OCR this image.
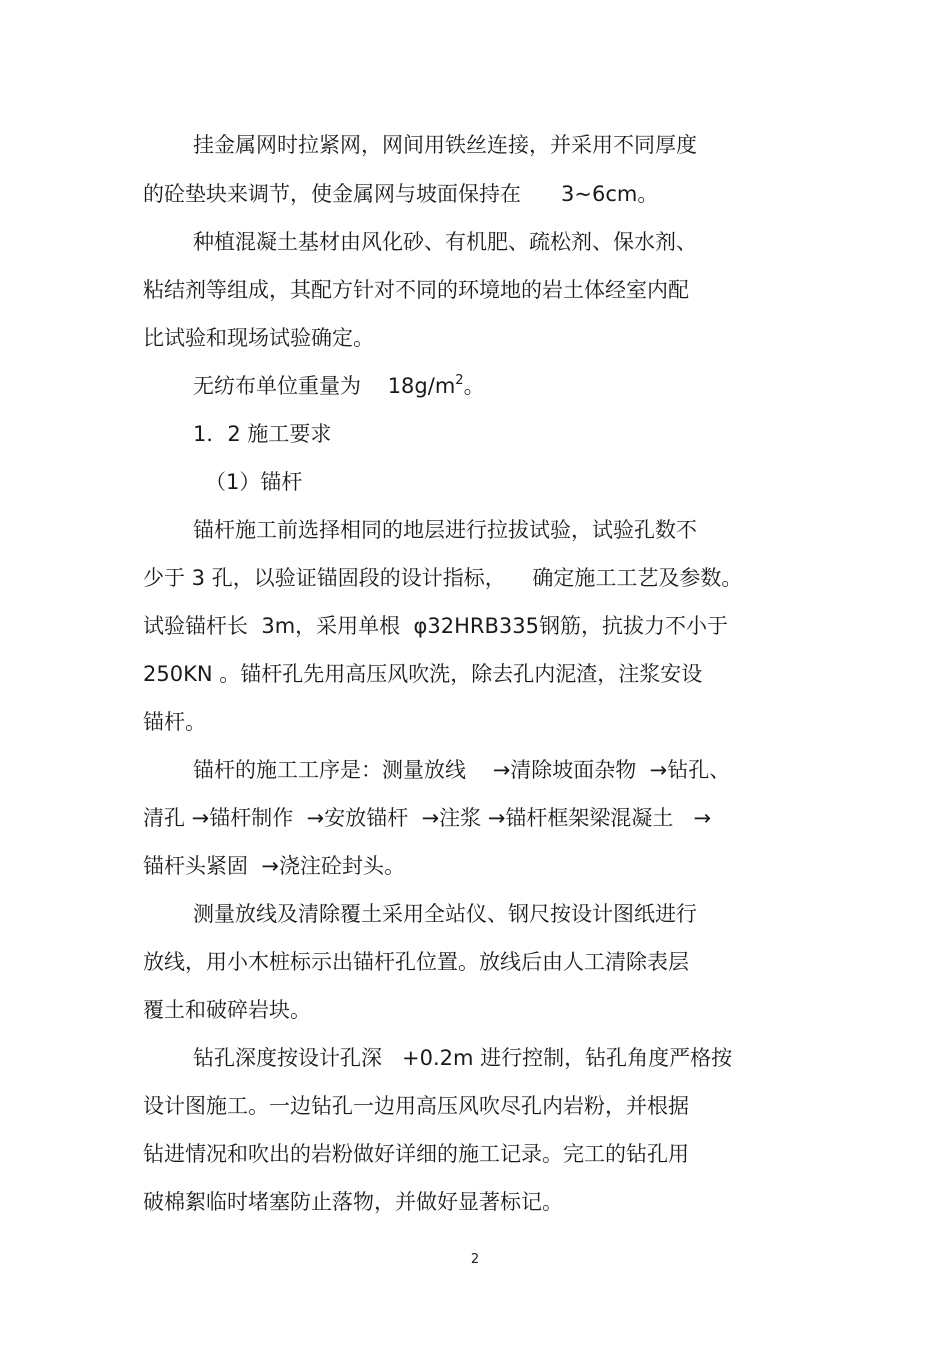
挂金属网时拉紧网，网间用铁丝连接，并采用不同厚度
的砼垫块来调节，使金属网与坡面保持在      3~6cm。
种植混凝土基材由风化砂、有机肥、疏松剂、保水剂、
粘结剂等组成，其配方针对不同的环境地的岩土体经室内配
比试验和现场试验确定。
无纺布单位重量为    $18g/m^2$。
1．2 施工要求
（1）锚杆
锚杆施工前选择相同的地层进行拉拔试验，试验孔数不
少于 3 孔，以验证锚固段的设计指标，    确定施工工艺及参数。
试验锚杆长  3m，采用单根  φ32HRB335钢筋，抗拔力不小于
250KN 。锚杆孔先用高压风吹洗，除去孔内泥渣，注浆安设
锚杆。
锚杆的施工工序是：测量放线    →清除坡面杂物  →钻孔、
清孔 →锚杆制作  →安放锚杆  →注浆 →锚杆框架梁混凝土   →
锚杆头紧固  →浇注砼封头。
测量放线及清除覆土采用全站仪、钢尺按设计图纸进行
放线，用小木桩标示出锚杆孔位置。放线后由人工清除表层
覆土和破碎岩块。
钻孔深度按设计孔深   +0.2m 进行控制，钻孔角度严格按
设计图施工。一边钻孔一边用高压风吹尽孔内岩粉，并根据
钻进情况和吹出的岩粉做好详细的施工记录。完工的钻孔用
破棉絮临时堵塞防止落物，并做好显著标记。
2
